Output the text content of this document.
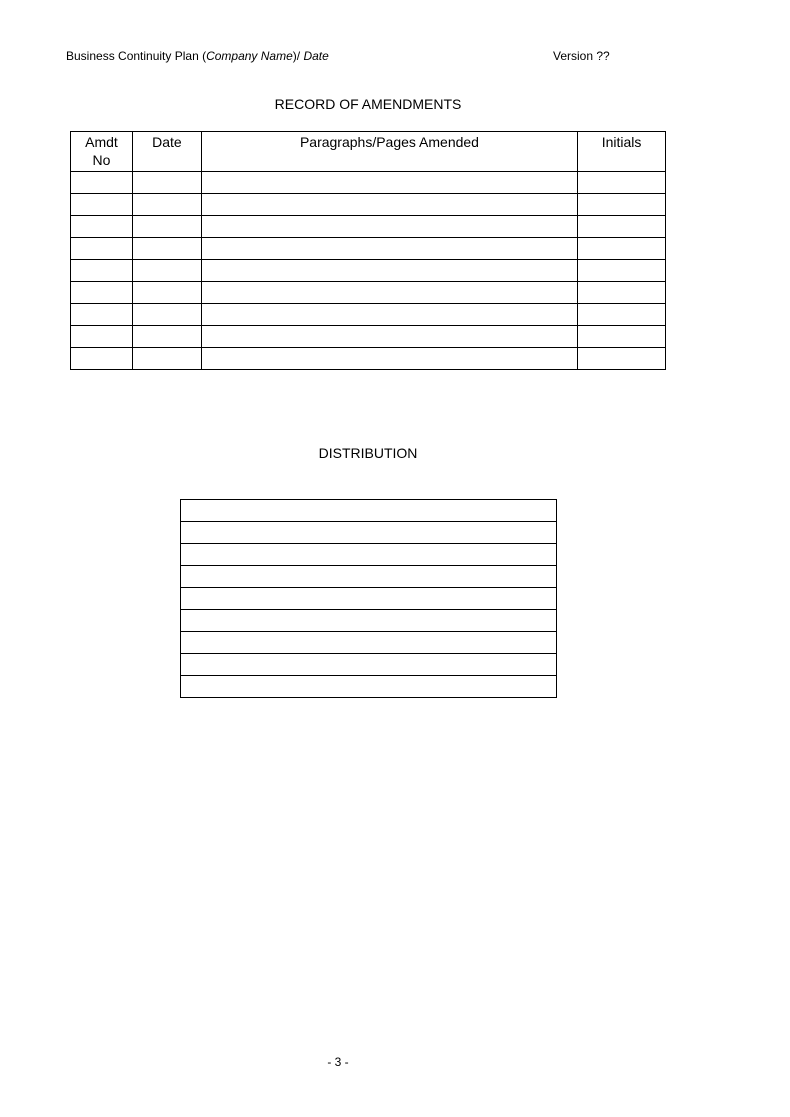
Business Continuity Plan (Company Name)/ Date	Version ??
RECORD OF AMENDMENTS
Amdt
No	Date	Paragraphs/Pages Amended	Initials

DISTRIBUTION

- 3 -
